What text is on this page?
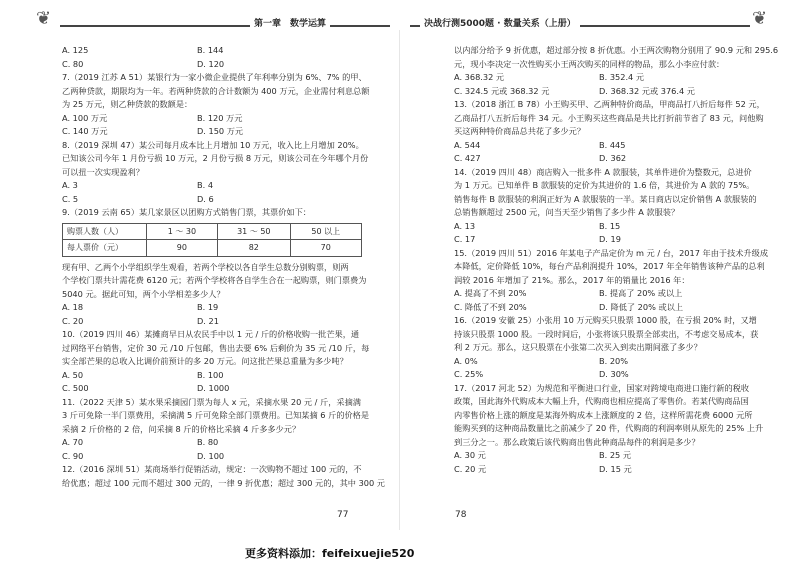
❦	第一章　数学运算	决战行测5000题 · 数量关系（上册）	❦
A. 125	B. 144
C. 80	D. 120

7.（2019 江苏 A 51）某银行为一家小微企业提供了年利率分别为 6%、7% 的甲、

乙两种贷款，期限均为一年。若两种贷款的合计数额为 400 万元，企业需付利息总额

为 25 万元，则乙种贷款的数额是：

A. 100 万元	B. 120 万元
C. 140 万元	D. 150 万元

8.（2019 深圳 47）某公司每月成本比上月增加 10 万元，收入比上月增加 20%。

已知该公司今年 1 月份亏损 10 万元，2 月份亏损 8 万元，则该公司在今年哪个月份

可以扭一次实现盈利？

A. 3	B. 4
C. 5	D. 6

9.（2019 云南 65）某几家景区以团购方式销售门票，其票价如下：

购票人数（人）	1 ～ 30	31 ～ 50	50 以上
每人票价（元）	90	82	70

现有甲、乙两个小学组织学生观看，若两个学校以各自学生总数分别购票，则两

个学校门票共计需花费 6120 元；若两个学校将各自学生合在一起购票，则门票费为

5040 元。据此可知，两个小学相差多少人？

A. 18	B. 19
C. 20	D. 21

10.（2019 四川 46）某摊商早日从农民手中以 1 元 / 斤的价格收购一批芒果，通

过网络平台销售，定价 30 元 /10 斤包邮，售出去要 6% 后剩价为 35 元 /10 斤，每

实全部芒果的总收入比调价前预计的多 20 万元。问这批芒果总重量为多少吨？

A. 50	B. 100
C. 500	D. 1000

11.（2022 天津 5）某水果采摘园门票为每人 x 元，采摘水果 20 元 / 斤，采摘满

3 斤可免除一半门票费用，采摘满 5 斤可免除全部门票费用。已知某摘 6 斤的价格是

采摘 2 斤价格的 2 倍，问采摘 8 斤的价格比采摘 4 斤多多少元？

A. 70	B. 80
C. 90	D. 100

12.（2016 深圳 51）某商场举行促销活动，规定：一次购物不超过 100 元的，不

给优惠；超过 100 元而不超过 300 元的，一律 9 折优惠；超过 300 元的，其中 300 元

以内部分给予 9 折优惠，超过部分按 8 折优惠。小王两次购物分别用了 90.9 元和 295.6

元，现小李决定一次性购买小王两次购买的同样的物品，那么小李应付款：

A. 368.32 元	B. 352.4 元
C. 324.5 元或 368.32 元	D. 368.32 元或 376.4 元

13.（2018 浙江 B 78）小王购买甲、乙两种特价商品，甲商品打八折后每件 52 元，

乙商品打八五折后每件 34 元。小王购买这些商品是共比打折前节省了 83 元，问他购

买这两种特价商品总共花了多少元？

A. 544	B. 445
C. 427	D. 362

14.（2019 四川 48）商店购入一批多件 A 款服装，其单件进价为整数元，总进价

为 1 万元。已知单件 B 款服装的定价为其进价的 1.6 倍，其进价为 A 款的 75%。

销售每件 B 款服装的利润正好为 A 款服装的一半。某日商店以定价销售 A 款服装的

总销售额超过 2500 元，问当天至少销售了多少件 A 款服装？

A. 13	B. 15
C. 17	D. 19

15.（2019 四川 51）2016 年某电子产品定价为 m 元 / 台，2017 年由于技术升级成

本降低，定价降低 10%，每台产品利润提升 10%，2017 年全年销售该种产品的总利

润较 2016 年增加了 21%。那么，2017 年的销量比 2016 年：

A. 提高了不到 20%	B. 提高了 20% 或以上
C. 降低了不到 20%	D. 降低了 20% 或以上

16.（2019 安徽 25）小张用 10 万元购买只股票 1000 股，在亏损 20% 时，又增

持该只股票 1000 股。一段时间后，小张将该只股票全部卖出，不考虑交易成本，获

利 2 万元。那么，这只股票在小张第二次买入到卖出期间涨了多少？

A. 0%	B. 20%
C. 25%	D. 30%

17.（2017 河北 52）为规范和平衡进口行业，国家对跨境电商进口施行新的税收

政策，国此海外代购成本大幅上升，代购商也相应提高了零售价。若某代购商品国

内零售价格上涨的额度是某海外购成本上涨额度的 2 倍，这样所需花费 6000 元所

能购买到的这种商品数量比之前减少了 20 件，代购商的利润率则从原先的 25% 上升

到三分之一。那么政策后该代购商出售此种商品每件的利润是多少？

A. 30 元	B. 25 元
C. 20 元	D. 15 元
77	78
更多资料添加：feifeixuejie520
